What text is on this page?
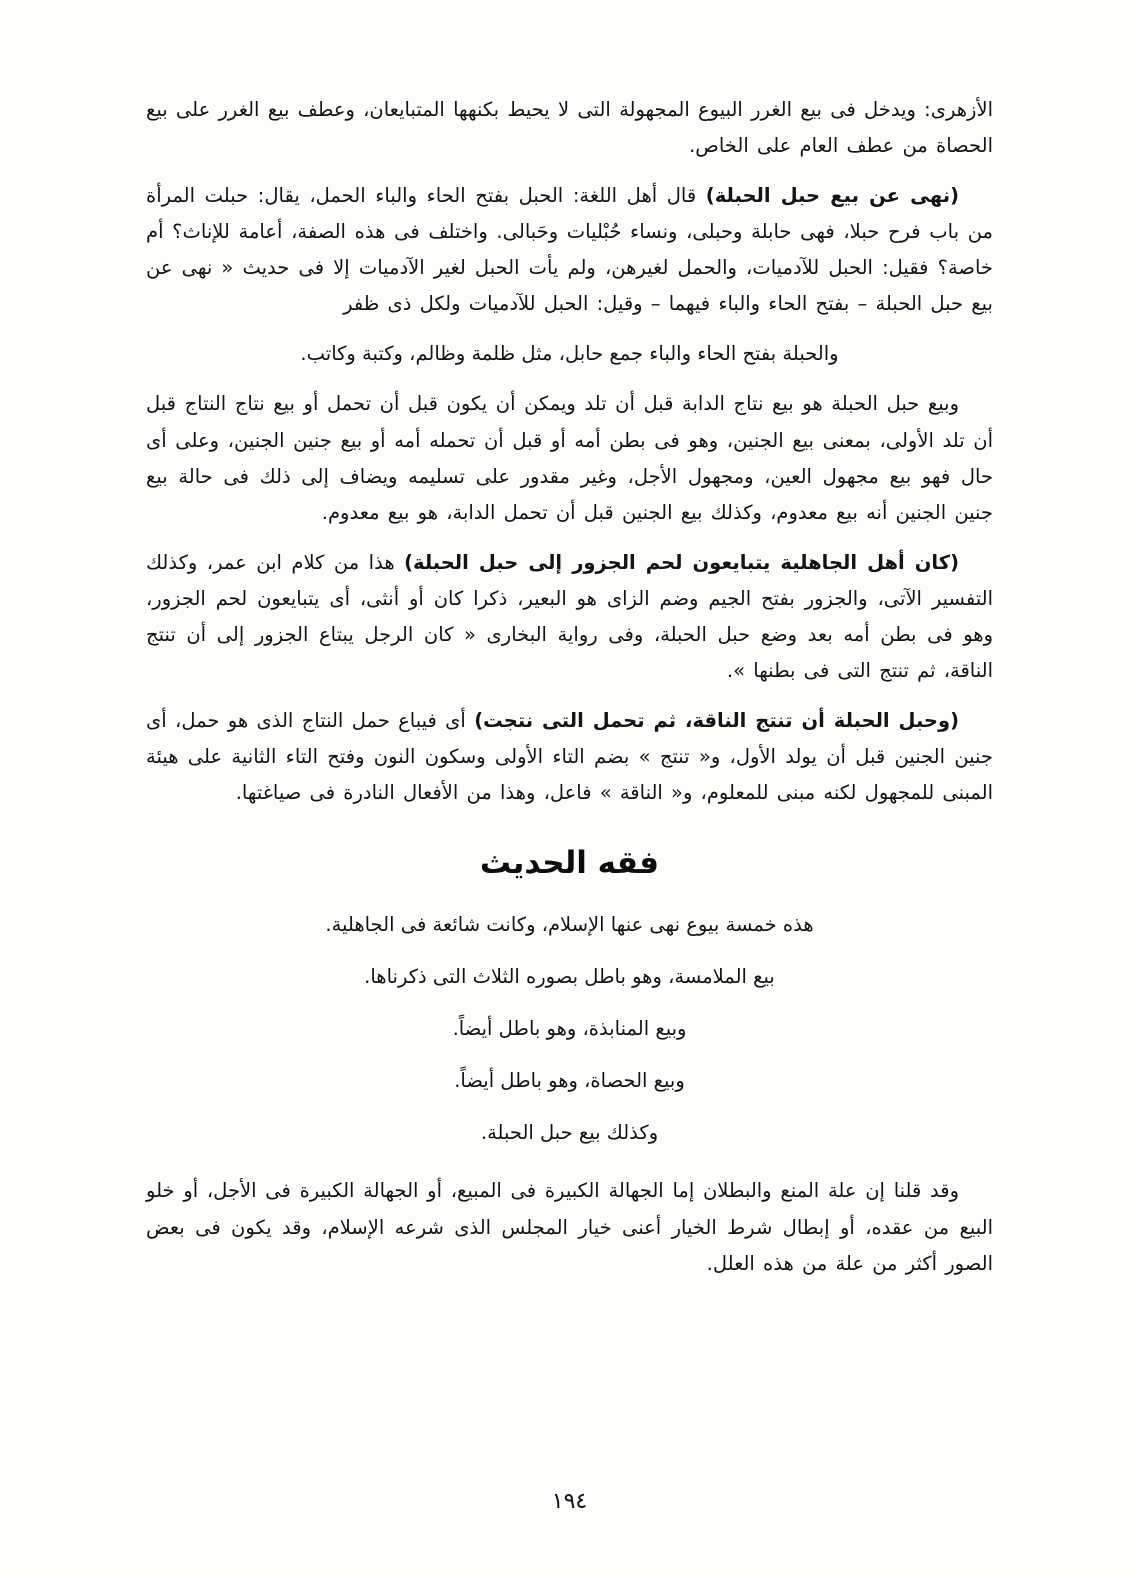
الأزهرى: ويدخل فى بيع الغرر البيوع المجهولة التى لا يحيط بكنهها المتبايعان، وعطف بيع الغرر على بيع الحصاة من عطف العام على الخاص.

(نهى عن بيع حبل الحبلة) قال أهل اللغة: الحبل بفتح الحاء والباء الحمل، يقال: حبلت المرأة من باب فرح حبلا، فهى حابلة وحبلى، ونساء حُبْليات وحَبالى. واختلف فى هذه الصفة، أعامة للإناث؟ أم خاصة؟ فقيل: الحبل للآدميات، والحمل لغيرهن، ولم يأت الحبل لغير الآدميات إلا فى حديث « نهى عن بيع حبل الحبلة – بفتح الحاء والباء فيهما – وقيل: الحبل للآدميات ولكل ذى ظفر

والحبلة بفتح الحاء والباء جمع حابل، مثل ظلمة وظالم، وكتبة وكاتب.

وبيع حبل الحبلة هو بيع نتاج الدابة قبل أن تلد ويمكن أن يكون قبل أن تحمل أو بيع نتاج النتاج قبل أن تلد الأولى، بمعنى بيع الجنين، وهو فى بطن أمه أو قبل أن تحمله أمه أو بيع جنين الجنين، وعلى أى حال فهو بيع مجهول العين، ومجهول الأجل، وغير مقدور على تسليمه ويضاف إلى ذلك فى حالة بيع جنين الجنين أنه بيع معدوم، وكذلك بيع الجنين قبل أن تحمل الدابة، هو بيع معدوم.

(كان أهل الجاهلية يتبايعون لحم الجزور إلى حبل الحبلة) هذا من كلام ابن عمر، وكذلك التفسير الآتى، والجزور بفتح الجيم وضم الزاى هو البعير، ذكرا كان أو أنثى، أى يتبايعون لحم الجزور، وهو فى بطن أمه بعد وضع حبل الحبلة، وفى رواية البخارى « كان الرجل يبتاع الجزور إلى أن تنتج الناقة، ثم تنتج التى فى بطنها ».

(وحبل الحبلة أن تنتج الناقة، ثم تحمل التى نتجت) أى فيباع حمل النتاج الذى هو حمل، أى جنين الجنين قبل أن يولد الأول، و« تنتج » بضم التاء الأولى وسكون النون وفتح التاء الثانية على هيئة المبنى للمجهول لكنه مبنى للمعلوم، و« الناقة » فاعل، وهذا من الأفعال النادرة فى صياغتها.

فقه الحديث
هذه خمسة بيوع نهى عنها الإسلام، وكانت شائعة فى الجاهلية.
بيع الملامسة، وهو باطل بصوره الثلاث التى ذكرناها.
وبيع المنابذة، وهو باطل أيضاً.
وبيع الحصاة، وهو باطل أيضاً.
وكذلك بيع حبل الحبلة.

وقد قلنا إن علة المنع والبطلان إما الجهالة الكبيرة فى المبيع، أو الجهالة الكبيرة فى الأجل، أو خلو البيع من عقده، أو إبطال شرط الخيار أعنى خيار المجلس الذى شرعه الإسلام، وقد يكون فى بعض الصور أكثر من علة من هذه العلل.

١٩٤
